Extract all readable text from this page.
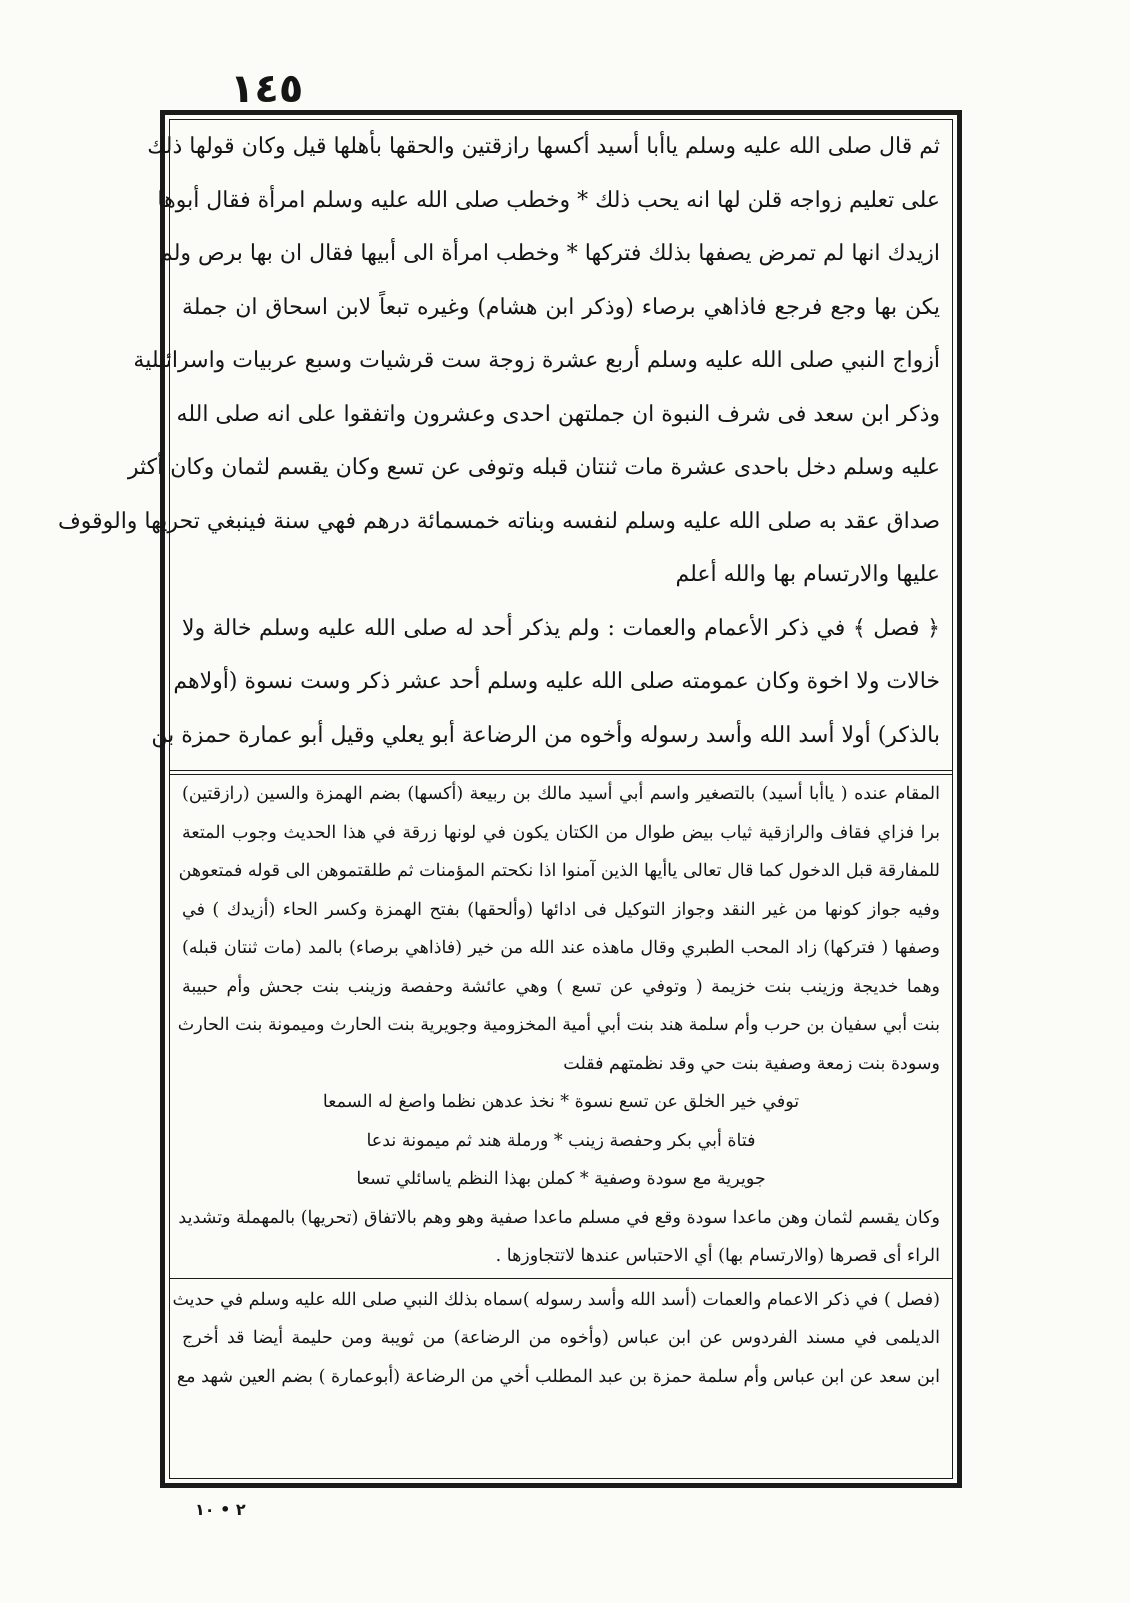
١٤٥
ثم قال صلى الله عليه وسلم ياأبا أسيد أكسها رازقتين والحقها بأهلها قيل وكان قولها ذلك
على تعليم زواجه قلن لها انه يحب ذلك * وخطب صلى الله عليه وسلم امرأة فقال أبوها
ازيدك انها لم تمرض يصفها بذلك فتركها * وخطب امرأة الى أبيها فقال ان بها برص ولم
يكن بها وجع فرجع فاذاهي برصاء (وذكر ابن هشام) وغيره تبعاً لابن اسحاق ان جملة
أزواج النبي صلى الله عليه وسلم أربع عشرة زوجة ست قرشيات وسبع عربيات واسرائيلية
وذكر ابن سعد فى شرف النبوة ان جملتهن احدى وعشرون واتفقوا على انه صلى الله
عليه وسلم دخل باحدى عشرة مات ثنتان قبله وتوفى عن تسع وكان يقسم لثمان وكان أكثر
صداق عقد به صلى الله عليه وسلم لنفسه وبناته خمسمائة درهم فهي سنة فينبغي تحريها والوقوف
عليها والارتسام بها والله أعلم
﴿ فصل ﴾ في ذكر الأعمام والعمات : ولم يذكر أحد له صلى الله عليه وسلم خالة ولا
خالات ولا اخوة وكان عمومته صلى الله عليه وسلم أحد عشر ذكر وست نسوة (أولاهم
بالذكر) أولا أسد الله وأسد رسوله وأخوه من الرضاعة أبو يعلي وقيل أبو عمارة حمزة بن
المقام عنده ( ياأبا أسيد) بالتصغير واسم أبي أسيد مالك بن ربيعة (أكسها) بضم الهمزة والسين (رازقتين)
برا فزاي فقاف والرازقية ثياب بيض طوال من الكتان يكون في لونها زرقة في هذا الحديث وجوب المتعة
للمفارقة قبل الدخول كما قال تعالى ياأيها الذين آمنوا اذا نكحتم المؤمنات ثم طلقتموهن الى قوله فمتعوهن
وفيه جواز كونها من غير النقد وجواز التوكيل فى ادائها (وألحقها) بفتح الهمزة وكسر الحاء (أزيدك ) في
وصفها ( فتركها) زاد المحب الطبري وقال ماهذه عند الله من خير (فاذاهي برصاء) بالمد (مات ثنتان قبله)
وهما خديجة وزينب بنت خزيمة ( وتوفي عن تسع ) وهي عائشة وحفصة وزينب بنت جحش وأم حبيبة
بنت أبي سفيان بن حرب وأم سلمة هند بنت أبي أمية المخزومية وجويرية بنت الحارث وميمونة بنت الحارث
وسودة بنت زمعة وصفية بنت حي وقد نظمتهم فقلت
توفي خير الخلق عن تسع نسوة * نخذ عدهن نظما واصغ له السمعا
فتاة أبي بكر وحفصة زينب * ورملة هند ثم ميمونة ندعا
جويرية مع سودة وصفية * كملن بهذا النظم ياسائلي تسعا
وكان يقسم لثمان وهن ماعدا سودة وقع في مسلم ماعدا صفية وهو وهم بالاتفاق (تحريها) بالمهملة وتشديد
الراء أى قصرها (والارتسام بها) أي الاحتباس عندها لاتتجاوزها .
(فصل ) في ذكر الاعمام والعمات (أسد الله وأسد رسوله )سماه بذلك النبي صلى الله عليه وسلم في حديث
الديلمى في مسند الفردوس عن ابن عباس (وأخوه من الرضاعة) من ثويبة ومن حليمة أيضا قد أخرج
ابن سعد عن ابن عباس وأم سلمة حمزة بن عبد المطلب أخي من الرضاعة (أبوعمارة ) بضم العين شهد مع
٢ • ١٠
